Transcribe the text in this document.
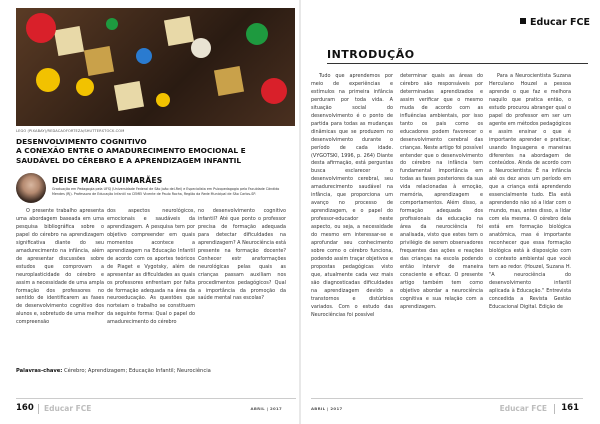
LEGO (PIXABAY)/REDACAOFORTEZA/SHUTTERSTOCK.COM
DESENVOLVIMENTO COGNITIVO
A CONEXÃO ENTRE O AMADURECIMENTO EMOCIONAL E
SAUDÁVEL DO CÉREBRO E A APRENDIZAGEM INFANTIL
DEISE MARA GUIMARÃES
Graduação em Pedagogia pela UFSJ (Universidade Federal de São João del-Rei) e Especialista em Psicopedagogia pela Faculdade Cândido Mendes (RJ). Professora de Educação Infantil no CEMEI Vicente de Paulo Rocha, Região da Rede Municipal de São Carlos-SP.

O presente trabalho apresenta uma abordagem baseada em uma pesquisa bibliográfica sobre o papel do cérebro na aprendizagem significativa diante do seu amadurecimento na infância, além de apresentar discussões sobre estudos que comprovam a neuroplasticidade do cérebro e assim a necessidade de uma ampla formação dos professores no sentido de identificarem as fases de desenvolvimento cognitivo dos alunos e, sobretudo de uma melhor compreensão

dos aspectos neurológicos, emocionais e saudáveis da aprendizagem. A pesquisa tem por objetivo compreender em quais momentos acontece a aprendizagem na Educação Infantil de acordo com os aportes teóricos de Piaget e Vygotsky, além de apresentar as dificuldades as quais os professores enfrentam por falta de formação adequada na área da neuroeducação. As questões que norteiam o trabalho se constituem da seguinte forma: Qual o papel do amadurecimento do cérebro

no desenvolvimento cognitivo infantil? Até que ponto o professor precisa de formação adequada para detectar dificuldades na aprendizagem? A Neurociência está presente na formação docente? Conhecer estr ansformações neurológicas pelas quais as crianças passam auxiliam nos procedimentos pedagógicos? Qual a importância da promoção da saúde mental nas escolas?

Palavras-chave: Cérebro; Aprendizagem; Educação Infantil; Neurociência
160 Educar FCE	ABRIL | 2017
Educar FCE
INTRODUÇÃO

Tudo que aprendemos por meio de experiências e estímulos na primeira infância perduram por toda vida. A situação social do desenvolvimento é o ponto de partida para todas as mudanças dinâmicas que se produzem no desenvolvimento durante o período de cada idade. (VYGOTSKI, 1996, p. 264) Diante desta afirmação, está perguntas busca esclarecer o desenvolvimento cerebral, seu amadurecimento saudável na infância, que proporciona um avanço no processo de aprendizagem, e o papel do professor-educador neste aspecto, ou seja, a necessidade do mesmo em interessar-se e aprofundar seu conhecimento sobre como o cérebro funciona, podendo assim traçar objetivos e propostas pedagógicas visto que, atualmente cada vez mais são diagnosticadas dificuldades na aprendizagem devido a transtornos e distúrbios variados. Com o estudo das Neurociências foi possível

determinar quais as áreas do cérebro são responsáveis por determinadas aprendizados e assim verificar que o mesmo muda de acordo com as influências ambientais, por isso tanto os pais como os educadores podem favorecer o desenvolvimento cerebral das crianças. Neste artigo foi possível entender que o desenvolvimento do cérebro na infância tem fundamental importância em todas as fases posteriores da sua vida relacionadas à emoção, memória, aprendizagem e comportamentos. Além disso, a formação adequada dos profissionais da educação na área da neurociência foi analisada, visto que estes tem o privilégio de serem observadores frequentes das ações e reações das crianças na escola podendo então intervir de maneira consciente e eficaz. O presente artigo também tem como objetivo abordar a neurociência cognitiva e sua relação com a aprendizagem.

Para a Neurocientista Suzana Herculano Houzel a pessoa aprende o que faz e melhora naquilo que pratica então, o estudo procurou abranger qual o papel do professor em ser um agente em métodos pedagógicos e assim ensinar o que é importante aprender e praticar, usando linguagens e maneiras diferentes na abordagem de conteúdos. Ainda de acordo com a Neurocientista: É na infância até os dez anos um período em que a criança está aprendendo essencialmente tudo. Ela está aprendendo não só a lidar com o mundo, mas, antes disso, a lidar com ela mesma. O cérebro dela está em formação biológica anatômica, mas é importante reconhecer que essa formação biológica está à disposição com o contexto ambiental que você tem ao redor. (Houzel, Suzana H. "A neurociência do desenvolvimento infantil aplicada à Educação." Entrevista concedida a Revista Gestão Educacional Digital. Edição de

ABRIL | 2017	Educar FCE 161
